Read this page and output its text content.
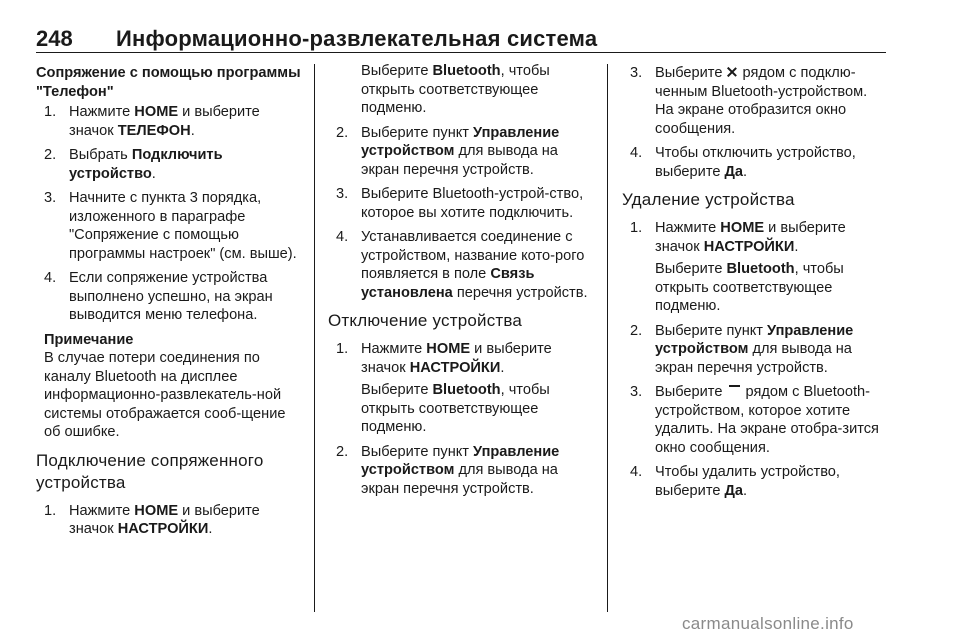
248 Информационно-развлекательная система
Сопряжение с помощью программы "Телефон"
1. Нажмите HOME и выберите значок ТЕЛЕФОН.
2. Выбрать Подключить устройство.
3. Начните с пункта 3 порядка, изложенного в параграфе "Сопряжение с помощью программы настроек" (см. выше).
4. Если сопряжение устройства выполнено успешно, на экран выводится меню телефона.
Примечание
В случае потери соединения по каналу Bluetooth на дисплее информационно-развлекатель-ной системы отображается сооб-щение об ошибке.
Подключение сопряженного устройства
1. Нажмите HOME и выберите значок НАСТРОЙКИ.
Выберите Bluetooth, чтобы открыть соответствующее подменю.
2. Выберите пункт Управление устройством для вывода на экран перечня устройств.
3. Выберите Bluetooth-устрой-ство, которое вы хотите подключить.
4. Устанавливается соединение с устройством, название кото-рого появляется в поле Связь установлена перечня устройств.
Отключение устройства
1. Нажмите HOME и выберите значок НАСТРОЙКИ.
Выберите Bluetooth, чтобы открыть соответствующее подменю.
2. Выберите пункт Управление устройством для вывода на экран перечня устройств.
3. Выберите  рядом с подклю-ченным Bluetooth-устройством. На экране отобразится окно сообщения.
4. Чтобы отключить устройство, выберите Да.
Удаление устройства
1. Нажмите HOME и выберите значок НАСТРОЙКИ.
Выберите Bluetooth, чтобы открыть соответствующее подменю.
2. Выберите пункт Управление устройством для вывода на экран перечня устройств.
3. Выберите  рядом с Bluetooth-устройством, которое хотите удалить. На экране отобра-зится окно сообщения.
4. Чтобы удалить устройство, выберите Да.
carmanualsonline.info
